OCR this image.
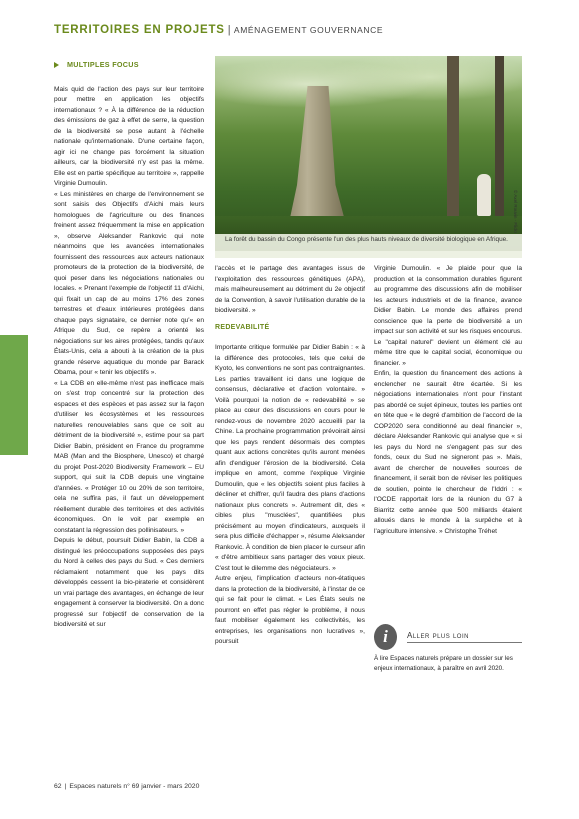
TERRITOIRES EN PROJETS | AMÉNAGEMENT GOUVERNANCE
MULTIPLES FOCUS

Mais quid de l'action des pays sur leur territoire pour mettre en application les objectifs internationaux ? « À la différence de la réduction des émissions de gaz à effet de serre, la question de la biodiversité se pose autant à l'échelle nationale qu'internationale. D'une certaine façon, agir ici ne change pas forcément la situation ailleurs, car la biodiversité n'y est pas la même. Elle est en partie spécifique au territoire », rappelle Virginie Dumoulin.

« Les ministères en charge de l'environnement se sont saisis des Objectifs d'Aichi mais leurs homologues de l'agriculture ou des finances freinent assez fréquemment la mise en application », observe Aleksander Rankovic qui note néanmoins que les avancées internationales fournissent des ressources aux acteurs nationaux promoteurs de la protection de la biodiversité, de quoi peser dans les négociations nationales ou locales. « Prenant l'exemple de l'objectif 11 d'Aichi, qui fixait un cap de au moins 17% des zones terrestres et d'eaux intérieures protégées dans chaque pays signataire, ce dernier note qu'« en Afrique du Sud, ce repère a orienté les négociations sur les aires protégées, tandis qu'aux États-Unis, cela a abouti à la création de la plus grande réserve aquatique du monde par Barack Obama, pour « tenir les objectifs ».

« La CDB en elle-même n'est pas inefficace mais on s'est trop concentré sur la protection des espaces et des espèces et pas assez sur la façon d'utiliser les écosystèmes et les ressources naturelles renouvelables sans que ce soit au détriment de la biodiversité », estime pour sa part Didier Babin, président en France du programme MAB (Man and the Biosphere, Unesco) et chargé du projet Post-2020 Biodiversity Framework – EU support, qui suit la CDB depuis une vingtaine d'années. « Protéger 10 ou 20% de son territoire, cela ne suffira pas, il faut un développement réellement durable des territoires et des activités économiques. On le voit par exemple en constatant la régression des pollinisateurs. »

Depuis le début, poursuit Didier Babin, la CDB a distingué les préoccupations supposées des pays du Nord à celles des pays du Sud. « Ces derniers réclamaient notamment que les pays dits développés cessent la bio-piraterie et considèrent un vrai partage des avantages, en échange de leur engagement à conserver la biodiversité. On a donc progressé sur l'objectif de conservation de la biodiversité et sur

La forêt du bassin du Congo présente l'un des plus hauts niveaux de diversité biologique en Afrique.
© Axel Rouvin - Flickr

l'accès et le partage des avantages issus de l'exploitation des ressources génétiques (APA), mais malheureusement au détriment du 2e objectif de la Convention, à savoir l'utilisation durable de la biodiversité. »

REDEVABILITÉ

Importante critique formulée par Didier Babin : « à la différence des protocoles, tels que celui de Kyoto, les conventions ne sont pas contraignantes. Les parties travaillent ici dans une logique de consensus, déclarative et d'action volontaire. » Voilà pourquoi la notion de « redevabilité » se place au cœur des discussions en cours pour le rendez-vous de novembre 2020 accueilli par la Chine. La prochaine programmation prévoirait ainsi que les pays rendent désormais des comptes quant aux actions concrètes qu'ils auront menées afin d'endiguer l'érosion de la biodiversité. Cela implique en amont, comme l'explique Virginie Dumoulin, que « les objectifs soient plus faciles à décliner et chiffrer, qu'il faudra des plans d'actions nationaux plus concrets ». Autrement dit, des « cibles plus "musclées", quantifiées plus précisément au moyen d'indicateurs, auxquels il sera plus difficile d'échapper », résume Aleksander Rankovic. À condition de bien placer le curseur afin « d'être ambitieux sans partager des vœux pieux. C'est tout le dilemme des négociateurs. »

Autre enjeu, l'implication d'acteurs non-étatiques dans la protection de la biodiversité, à l'instar de ce qui se fait pour le climat. « Les États seuls ne pourront en effet pas régler le problème, il nous faut mobiliser également les collectivités, les entreprises, les organisations non lucratives », poursuit

Virginie Dumoulin. « Je plaide pour que la production et la consommation durables figurent au programme des discussions afin de mobiliser les acteurs industriels et de la finance, avance Didier Babin. Le monde des affaires prend conscience que la perte de biodiversité a un impact sur son activité et sur les risques encourus. Le "capital naturel" devient un élément clé au même titre que le capital social, économique ou financier. »

Enfin, la question du financement des actions à enclencher ne saurait être écartée. Si les négociations internationales n'ont pour l'instant pas abordé ce sujet épineux, toutes les parties ont en tête que « le degré d'ambition de l'accord de la COP2020 sera conditionné au deal financier », déclare Aleksander Rankovic qui analyse que « si les pays du Nord ne s'engagent pas sur des fonds, ceux du Sud ne signeront pas ». Mais, avant de chercher de nouvelles sources de financement, il serait bon de réviser les politiques de soutien, pointe le chercheur de l'Iddri : « l'OCDE rapportait lors de la réunion du G7 à Biarritz cette année que 500 milliards étaient alloués dans le monde à la surpêche et à l'agriculture intensive. » Christophe Tréhet

i	Aller plus loin
À lire Espaces naturels prépare un dossier sur les enjeux internationaux, à paraître en avril 2020.
62 | Espaces naturels n° 69 janvier - mars 2020
